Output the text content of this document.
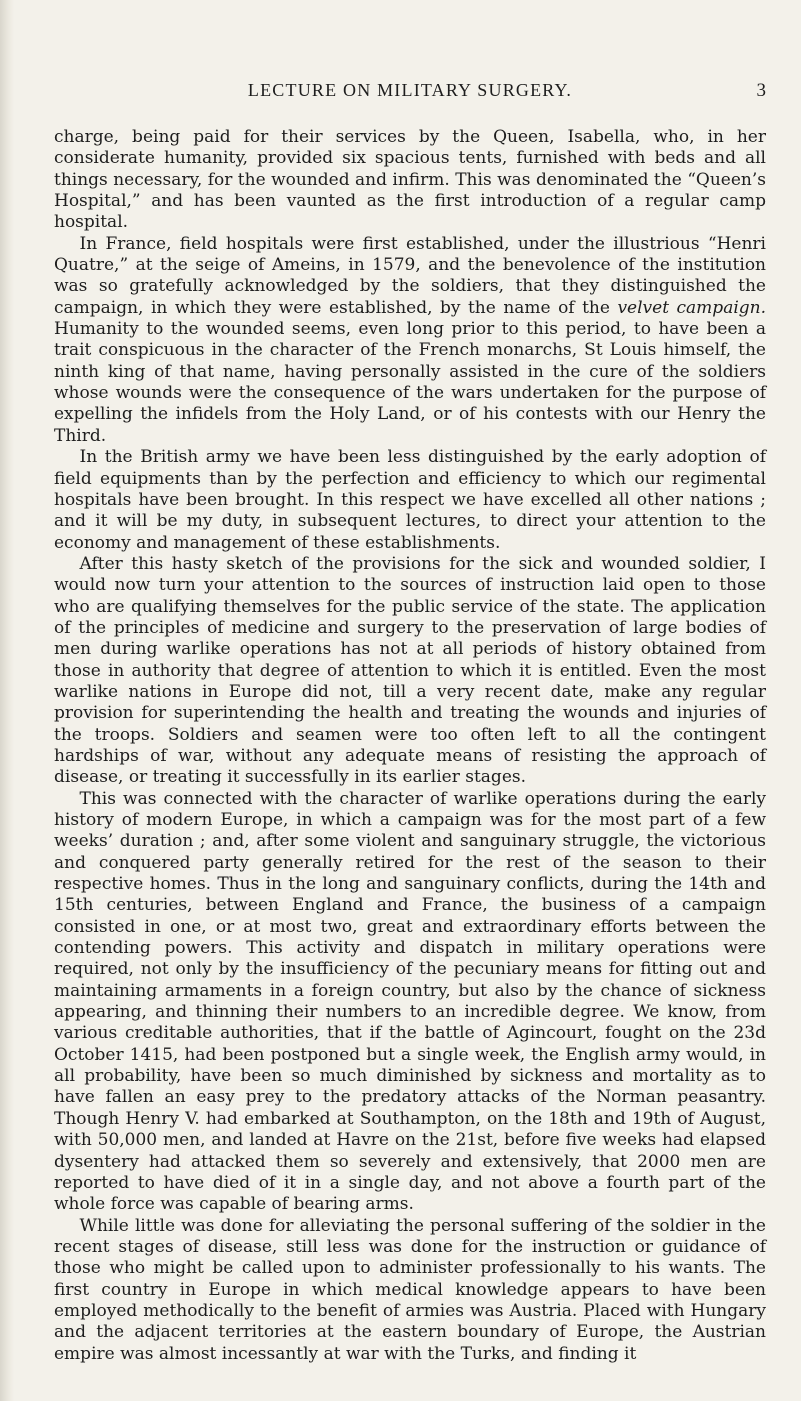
LECTURE ON MILITARY SURGERY.	3

charge, being paid for their services by the Queen, Isabella, who, in her considerate humanity, provided six spacious tents, furnished with beds and all things necessary, for the wounded and infirm. This was denominated the “Queen’s Hospital,” and has been vaunted as the first introduction of a regular camp hospital.

In France, field hospitals were first established, under the illustrious “Henri Quatre,” at the seige of Ameins, in 1579, and the benevolence of the institution was so gratefully acknowledged by the soldiers, that they distinguished the campaign, in which they were established, by the name of the velvet campaign. Humanity to the wounded seems, even long prior to this period, to have been a trait conspicuous in the character of the French monarchs, St Louis himself, the ninth king of that name, having personally assisted in the cure of the soldiers whose wounds were the consequence of the wars undertaken for the purpose of expelling the infidels from the Holy Land, or of his contests with our Henry the Third.

In the British army we have been less distinguished by the early adoption of field equipments than by the perfection and efficiency to which our regimental hospitals have been brought. In this respect we have excelled all other nations ; and it will be my duty, in subsequent lectures, to direct your attention to the economy and management of these establishments.

After this hasty sketch of the provisions for the sick and wounded soldier, I would now turn your attention to the sources of instruction laid open to those who are qualifying themselves for the public service of the state. The application of the principles of medicine and surgery to the preservation of large bodies of men during warlike operations has not at all periods of history obtained from those in authority that degree of attention to which it is entitled. Even the most warlike nations in Europe did not, till a very recent date, make any regular provision for superintending the health and treating the wounds and injuries of the troops. Soldiers and seamen were too often left to all the contingent hardships of war, without any adequate means of resisting the approach of disease, or treating it successfully in its earlier stages.

This was connected with the character of warlike operations during the early history of modern Europe, in which a campaign was for the most part of a few weeks’ duration ; and, after some violent and sanguinary struggle, the victorious and conquered party generally retired for the rest of the season to their respective homes. Thus in the long and sanguinary conflicts, during the 14th and 15th centuries, between England and France, the business of a campaign consisted in one, or at most two, great and extraordinary efforts between the contending powers. This activity and dispatch in military operations were required, not only by the insufficiency of the pecuniary means for fitting out and maintaining armaments in a foreign country, but also by the chance of sickness appearing, and thinning their numbers to an incredible degree. We know, from various creditable authorities, that if the battle of Agincourt, fought on the 23d October 1415, had been postponed but a single week, the English army would, in all probability, have been so much diminished by sickness and mortality as to have fallen an easy prey to the predatory attacks of the Norman peasantry. Though Henry V. had embarked at Southampton, on the 18th and 19th of August, with 50,000 men, and landed at Havre on the 21st, before five weeks had elapsed dysentery had attacked them so severely and extensively, that 2000 men are reported to have died of it in a single day, and not above a fourth part of the whole force was capable of bearing arms.

While little was done for alleviating the personal suffering of the soldier in the recent stages of disease, still less was done for the instruction or guidance of those who might be called upon to administer professionally to his wants. The first country in Europe in which medical knowledge appears to have been employed methodically to the benefit of armies was Austria. Placed with Hungary and the adjacent territories at the eastern boundary of Europe, the Austrian empire was almost incessantly at war with the Turks, and finding it
